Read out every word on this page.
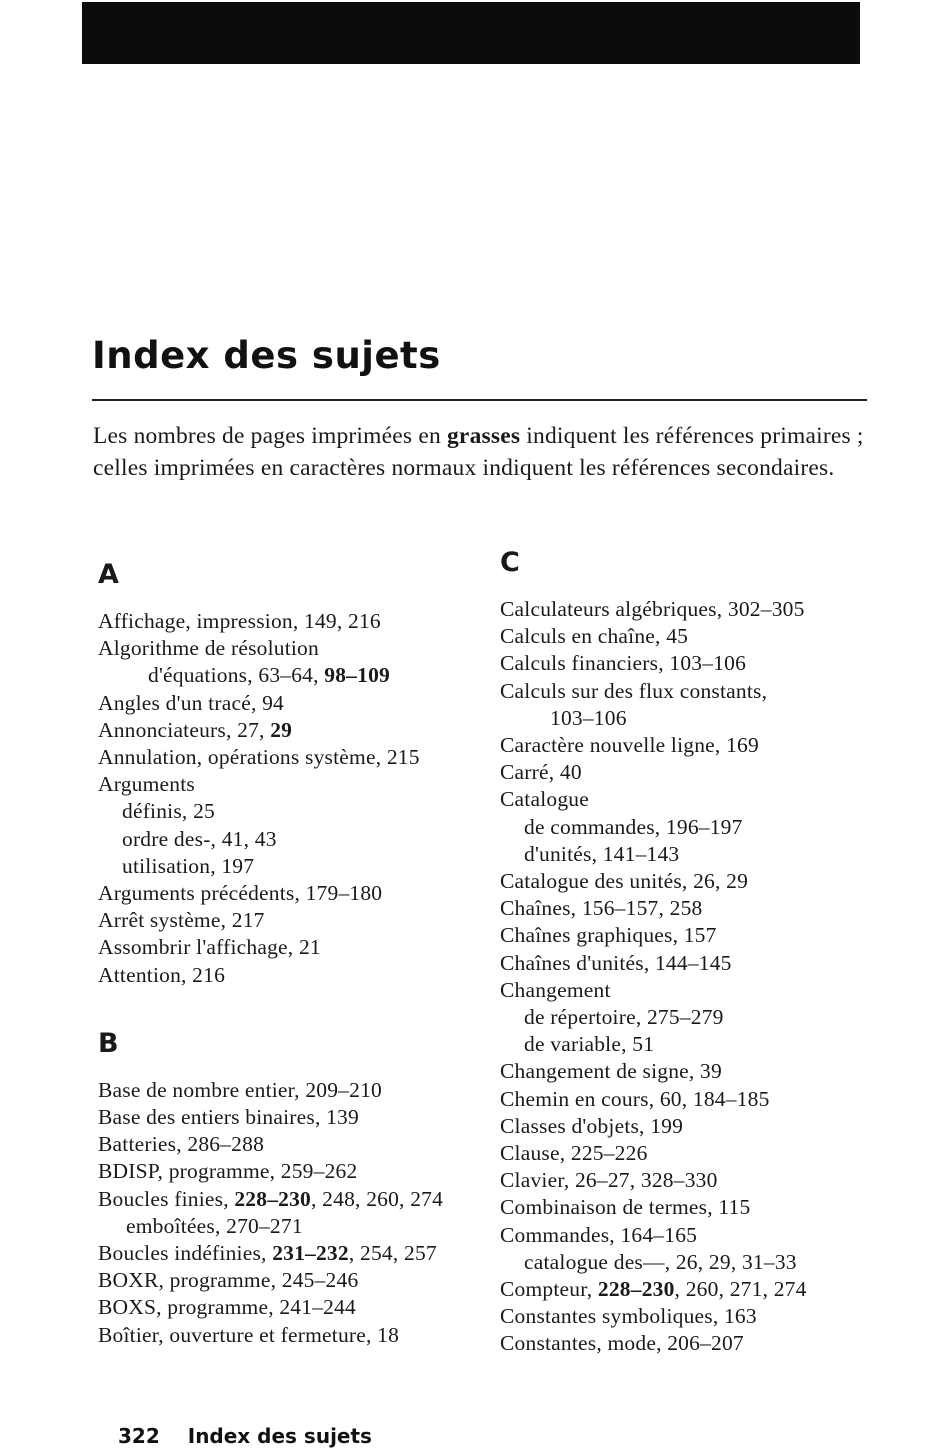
Index des sujets

Les nombres de pages imprimées en grasses indiquent les références primaires ; celles imprimées en caractères normaux indiquent les références secondaires.

A
Affichage, impression, 149, 216
Algorithme de résolution
d'équations, 63–64, 98–109
Angles d'un tracé, 94
Annonciateurs, 27, 29
Annulation, opérations système, 215
Arguments
définis, 25
ordre des-, 41, 43
utilisation, 197
Arguments précédents, 179–180
Arrêt système, 217
Assombrir l'affichage, 21
Attention, 216
B
Base de nombre entier, 209–210
Base des entiers binaires, 139
Batteries, 286–288
BDISP, programme, 259–262
Boucles finies, 228–230, 248, 260, 274
emboîtées, 270–271
Boucles indéfinies, 231–232, 254, 257
BOXR, programme, 245–246
BOXS, programme, 241–244
Boîtier, ouverture et fermeture, 18
C
Calculateurs algébriques, 302–305
Calculs en chaîne, 45
Calculs financiers, 103–106
Calculs sur des flux constants,
103–106
Caractère nouvelle ligne, 169
Carré, 40
Catalogue
de commandes, 196–197
d'unités, 141–143
Catalogue des unités, 26, 29
Chaînes, 156–157, 258
Chaînes graphiques, 157
Chaînes d'unités, 144–145
Changement
de répertoire, 275–279
de variable, 51
Changement de signe, 39
Chemin en cours, 60, 184–185
Classes d'objets, 199
Clause, 225–226
Clavier, 26–27, 328–330
Combinaison de termes, 115
Commandes, 164–165
catalogue des—, 26, 29, 31–33
Compteur, 228–230, 260, 271, 274
Constantes symboliques, 163
Constantes, mode, 206–207

322 Index des sujets
